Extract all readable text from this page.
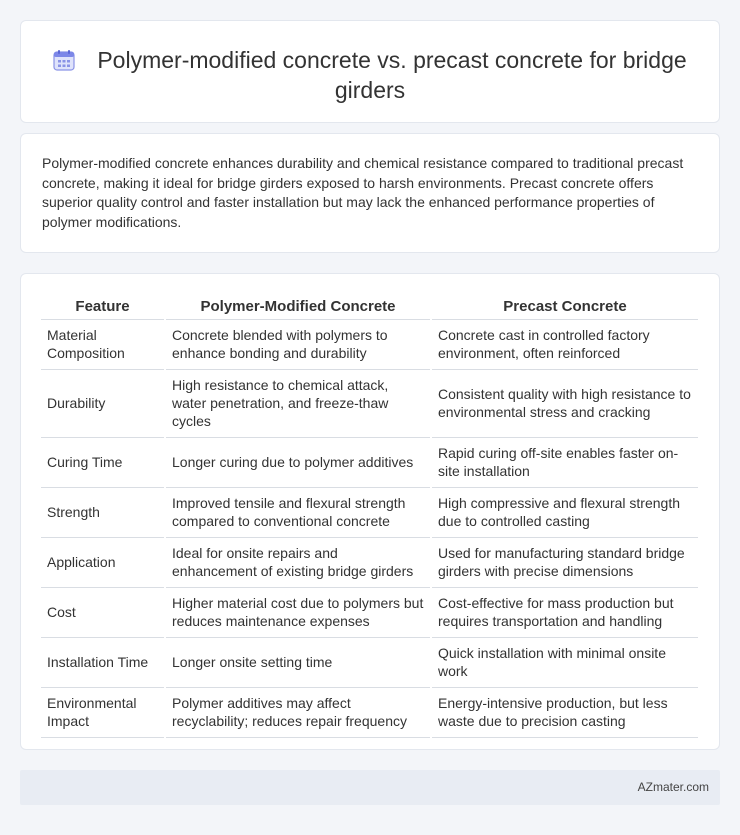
Polymer-modified concrete vs. precast concrete for bridge girders

Polymer-modified concrete enhances durability and chemical resistance compared to traditional precast concrete, making it ideal for bridge girders exposed to harsh environments. Precast concrete offers superior quality control and faster installation but may lack the enhanced performance properties of polymer modifications.

Feature	Polymer-Modified Concrete	Precast Concrete
Material Composition	Concrete blended with polymers to enhance bonding and durability	Concrete cast in controlled factory environment, often reinforced
Durability	High resistance to chemical attack, water penetration, and freeze-thaw cycles	Consistent quality with high resistance to environmental stress and cracking
Curing Time	Longer curing due to polymer additives	Rapid curing off-site enables faster on-site installation
Strength	Improved tensile and flexural strength compared to conventional concrete	High compressive and flexural strength due to controlled casting
Application	Ideal for onsite repairs and enhancement of existing bridge girders	Used for manufacturing standard bridge girders with precise dimensions
Cost	Higher material cost due to polymers but reduces maintenance expenses	Cost-effective for mass production but requires transportation and handling
Installation Time	Longer onsite setting time	Quick installation with minimal onsite work
Environmental Impact	Polymer additives may affect recyclability; reduces repair frequency	Energy-intensive production, but less waste due to precision casting
AZmater.com
